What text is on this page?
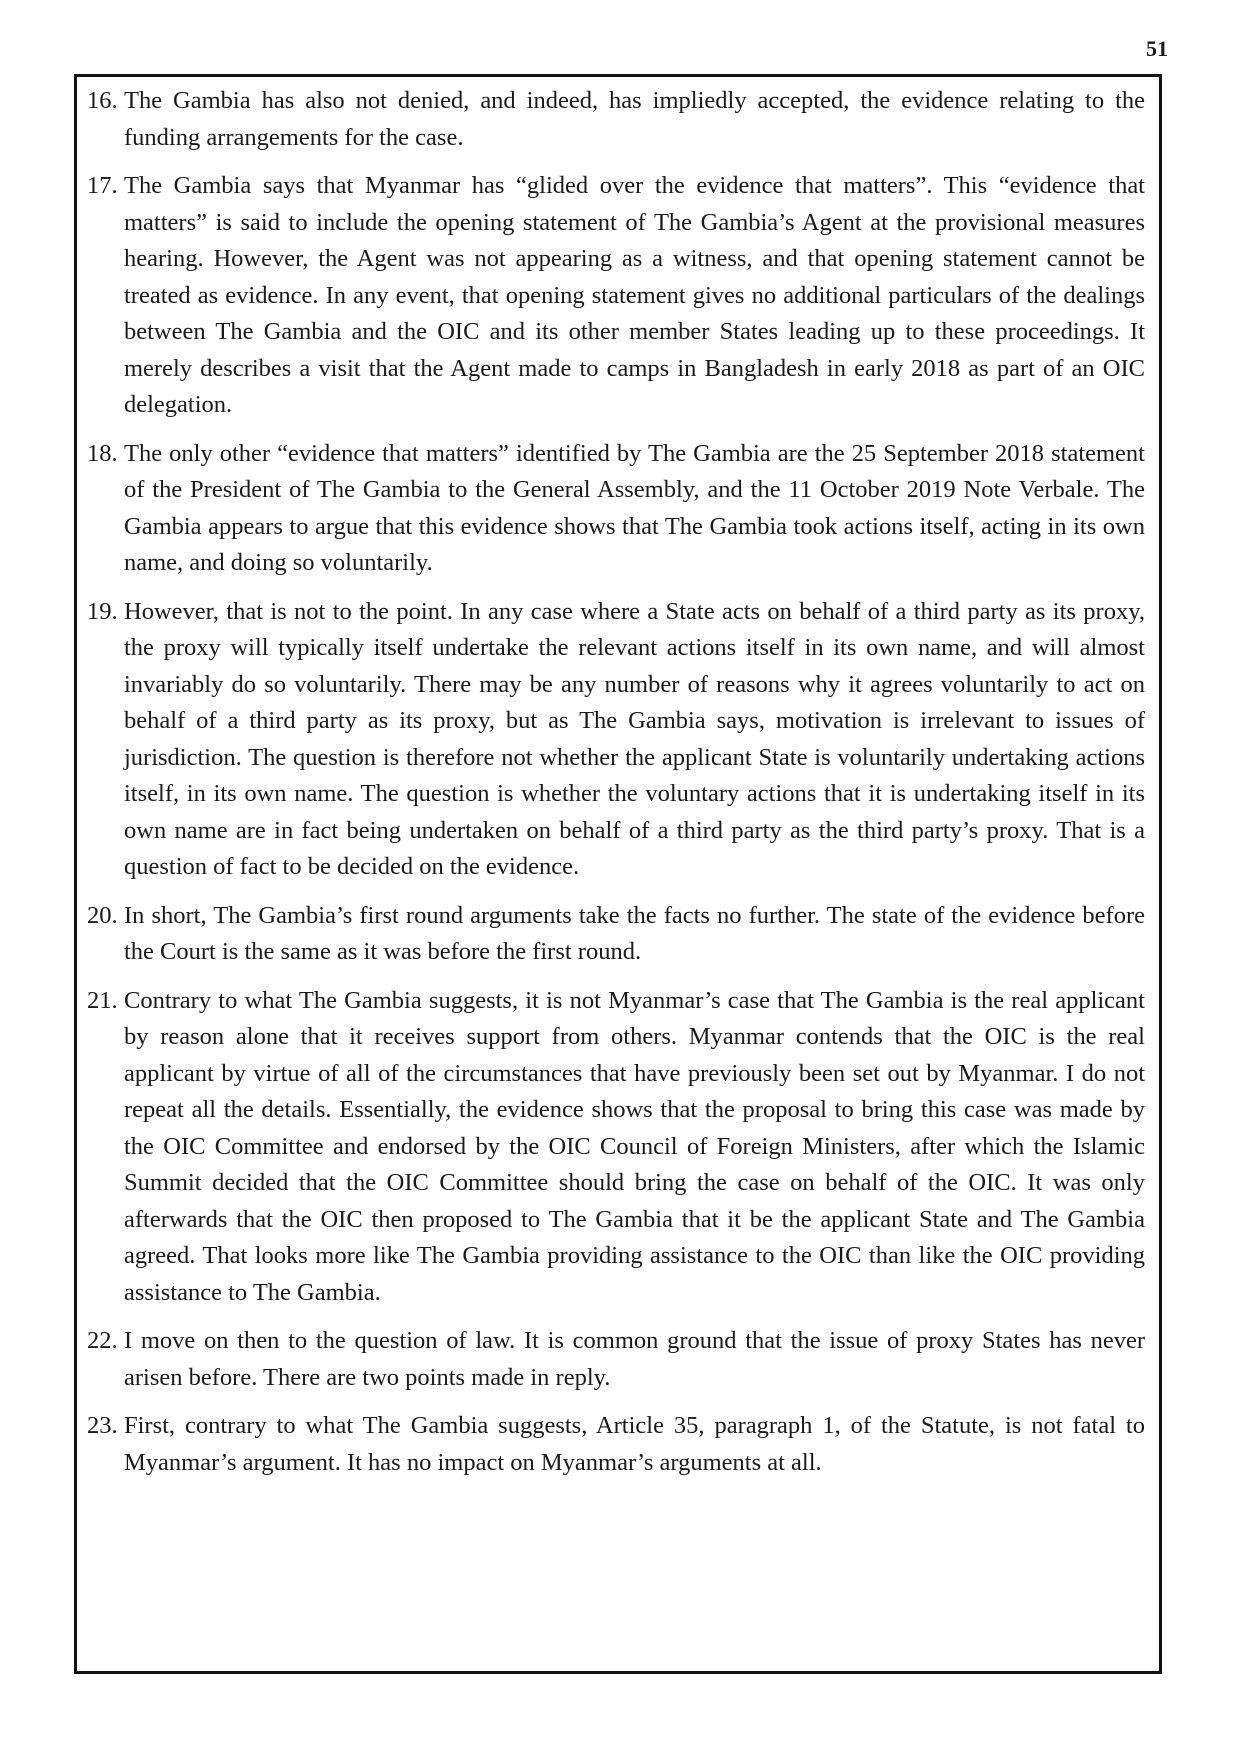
51
16. The Gambia has also not denied, and indeed, has impliedly accepted, the evidence relating to the funding arrangements for the case.
17. The Gambia says that Myanmar has “glided over the evidence that matters”. This “evidence that matters” is said to include the opening statement of The Gambia’s Agent at the provisional measures hearing. However, the Agent was not appearing as a witness, and that opening statement cannot be treated as evidence. In any event, that opening statement gives no additional particulars of the dealings between The Gambia and the OIC and its other member States leading up to these proceedings. It merely describes a visit that the Agent made to camps in Bangladesh in early 2018 as part of an OIC delegation.
18. The only other “evidence that matters” identified by The Gambia are the 25 September 2018 statement of the President of The Gambia to the General Assembly, and the 11 October 2019 Note Verbale. The Gambia appears to argue that this evidence shows that The Gambia took actions itself, acting in its own name, and doing so voluntarily.
19. However, that is not to the point. In any case where a State acts on behalf of a third party as its proxy, the proxy will typically itself undertake the relevant actions itself in its own name, and will almost invariably do so voluntarily. There may be any number of reasons why it agrees voluntarily to act on behalf of a third party as its proxy, but as The Gambia says, motivation is irrelevant to issues of jurisdiction. The question is therefore not whether the applicant State is voluntarily undertaking actions itself, in its own name. The question is whether the voluntary actions that it is undertaking itself in its own name are in fact being undertaken on behalf of a third party as the third party’s proxy. That is a question of fact to be decided on the evidence.
20. In short, The Gambia’s first round arguments take the facts no further. The state of the evidence before the Court is the same as it was before the first round.
21. Contrary to what The Gambia suggests, it is not Myanmar’s case that The Gambia is the real applicant by reason alone that it receives support from others. Myanmar contends that the OIC is the real applicant by virtue of all of the circumstances that have previously been set out by Myanmar. I do not repeat all the details. Essentially, the evidence shows that the proposal to bring this case was made by the OIC Committee and endorsed by the OIC Council of Foreign Ministers, after which the Islamic Summit decided that the OIC Committee should bring the case on behalf of the OIC. It was only afterwards that the OIC then proposed to The Gambia that it be the applicant State and The Gambia agreed. That looks more like The Gambia providing assistance to the OIC than like the OIC providing assistance to The Gambia.
22. I move on then to the question of law. It is common ground that the issue of proxy States has never arisen before. There are two points made in reply.
23. First, contrary to what The Gambia suggests, Article 35, paragraph 1, of the Statute, is not fatal to Myanmar’s argument. It has no impact on Myanmar’s arguments at all.
